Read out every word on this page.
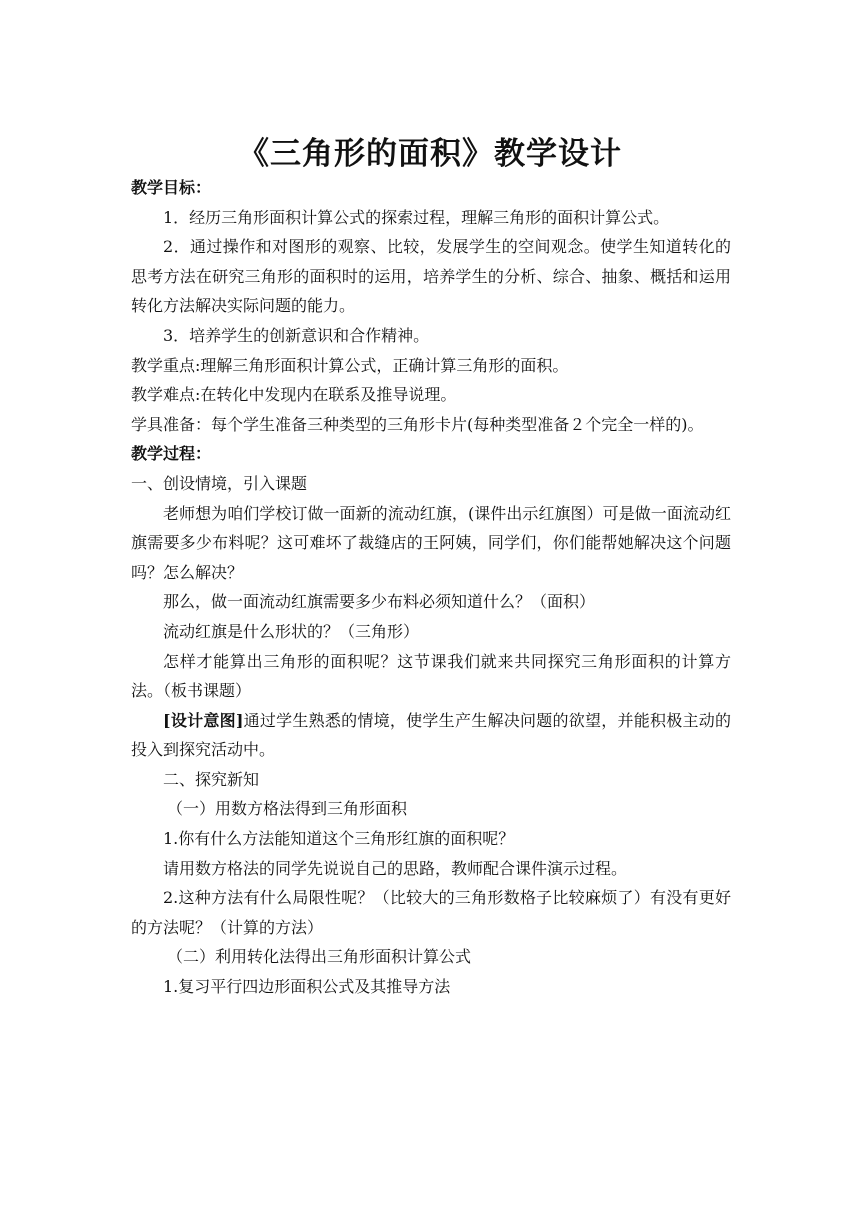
《三角形的面积》教学设计

教学目标：

1．经历三角形面积计算公式的探索过程，理解三角形的面积计算公式。

2．通过操作和对图形的观察、比较，发展学生的空间观念。使学生知道转化的思考方法在研究三角形的面积时的运用，培养学生的分析、综合、抽象、概括和运用转化方法解决实际问题的能力。

3．培养学生的创新意识和合作精神。

教学重点:理解三角形面积计算公式，正确计算三角形的面积。

教学难点:在转化中发现内在联系及推导说理。

学具准备：每个学生准备三种类型的三角形卡片(每种类型准备２个完全一样的)。

教学过程：

一、创设情境，引入课题

老师想为咱们学校订做一面新的流动红旗，(课件出示红旗图）可是做一面流动红旗需要多少布料呢？这可难坏了裁缝店的王阿姨，同学们，你们能帮她解决这个问题吗？怎么解决？

那么，做一面流动红旗需要多少布料必须知道什么？（面积）

流动红旗是什么形状的？（三角形）

怎样才能算出三角形的面积呢？这节课我们就来共同探究三角形面积的计算方法。（板书课题）

[设计意图]通过学生熟悉的情境，使学生产生解决问题的欲望，并能积极主动的投入到探究活动中。

二、探究新知

（一）用数方格法得到三角形面积

1.你有什么方法能知道这个三角形红旗的面积呢？

请用数方格法的同学先说说自己的思路，教师配合课件演示过程。

2.这种方法有什么局限性呢？（比较大的三角形数格子比较麻烦了）有没有更好的方法呢？（计算的方法）

（二）利用转化法得出三角形面积计算公式

1.复习平行四边形面积公式及其推导方法
